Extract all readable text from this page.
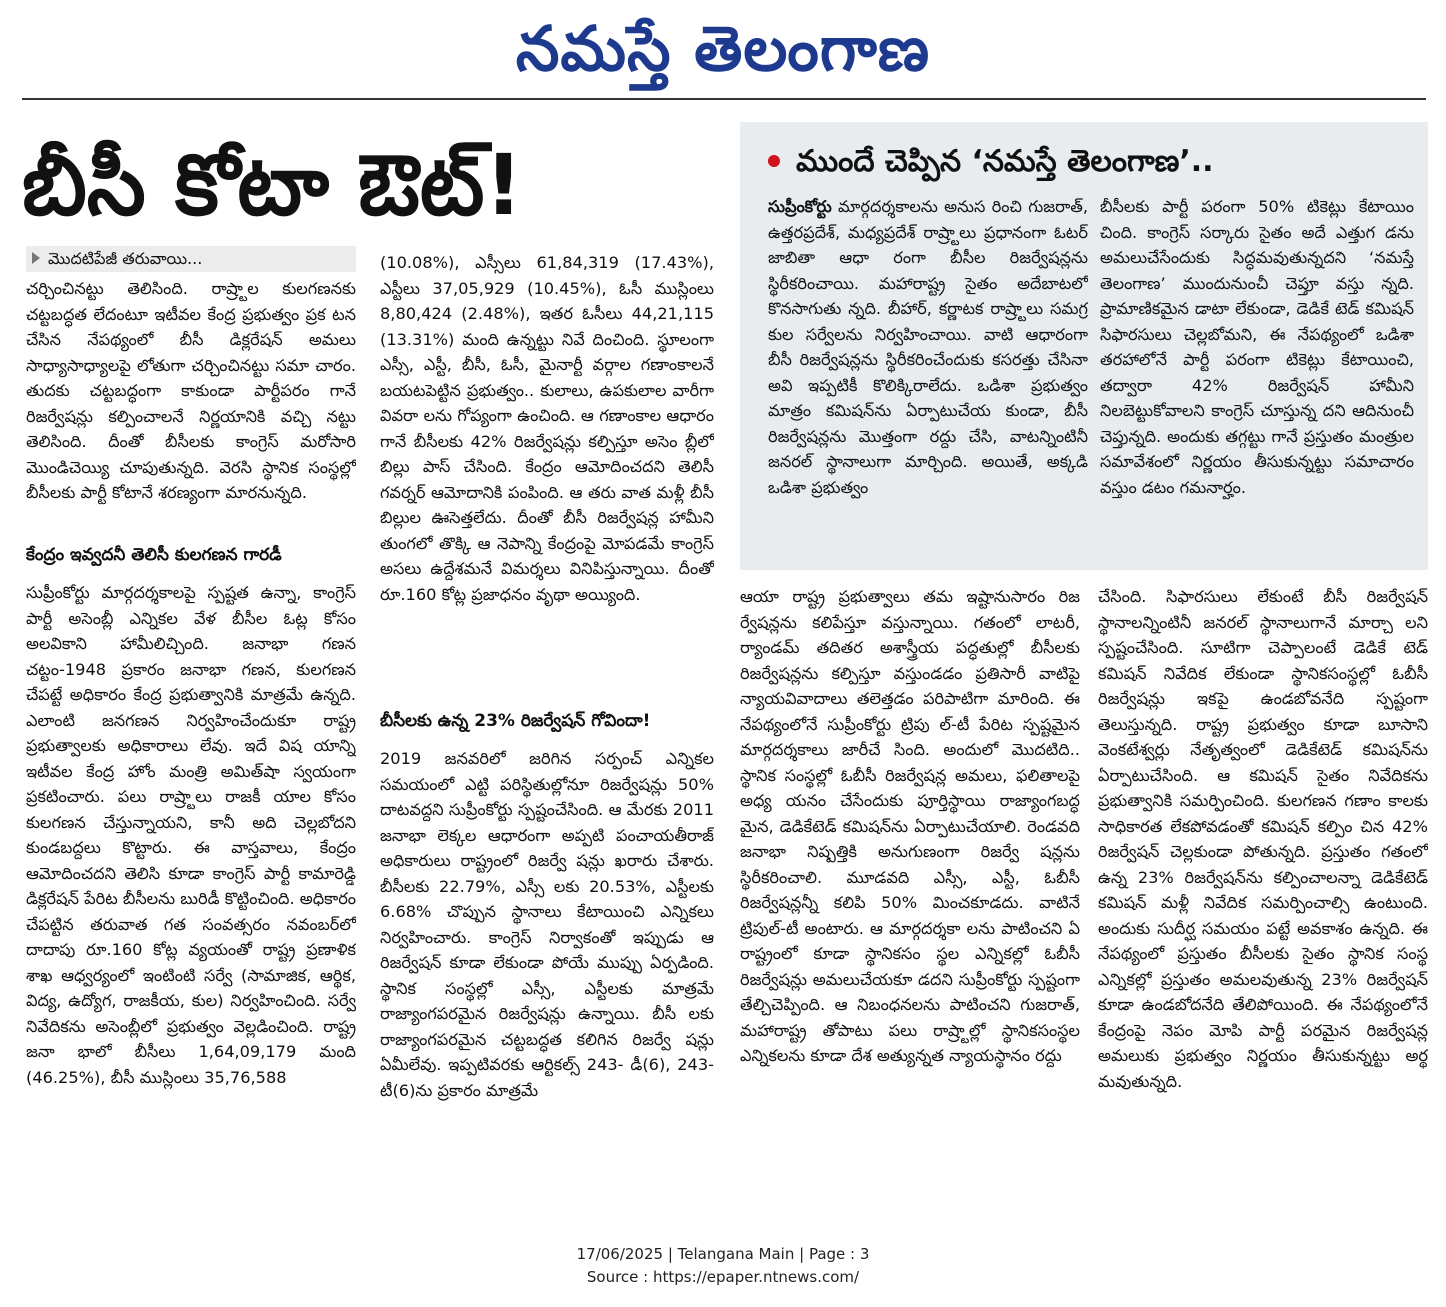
నమస్తే తెలంగాణ
బీసీ కోటా ఔట్!
మొదటిపేజీ తరువాయి...
చర్చించినట్టు తెలిసింది. రాష్ర్టాల కులగణనకు చట్టబద్ధత లేదంటూ ఇటీవల కేంద్ర ప్రభుత్వం ప్రక టన చేసిన నేపథ్యంలో బీసీ డిక్లరేషన్ అమలు సాధ్యాసాధ్యాలపై లోతుగా చర్చించినట్టు సమా చారం. తుదకు చట్టబద్ధంగా కాకుండా పార్టీపరం గానే రిజర్వేషన్లు కల్పించాలనే నిర్ణయానికి వచ్చి నట్టు తెలిసింది. దీంతో బీసీలకు కాంగ్రెస్ మరోసారి మొండిచెయ్యి చూపుతున్నది. వెరసి స్థానిక సంస్థల్లో బీసీలకు పార్టీ కోటానే శరణ్యంగా మారనున్నది.
కేంద్రం ఇవ్వదనీ తెలిసీ కులగణన గారడీ
సుప్రీంకోర్టు మార్గదర్శకాలపై స్పష్టత ఉన్నా, కాంగ్రెస్ పార్టీ అసెంబ్లీ ఎన్నికల వేళ బీసీల ఓట్ల కోసం అలవికాని హామీలిచ్చింది. జనాభా గణన చట్టం-1948 ప్రకారం జనాభా గణన, కులగణన చేపట్టే అధికారం కేంద్ర ప్రభుత్వానికి మాత్రమే ఉన్నది. ఎలాంటి జనగణన నిర్వహించేందుకూ రాష్ట్ర ప్రభుత్వాలకు అధికారాలు లేవు. ఇదే విష యాన్ని ఇటీవల కేంద్ర హోం మంత్రి అమిత్‌షా స్వయంగా ప్రకటించారు. పలు రాష్ర్టాలు రాజకీ యాల కోసం కులగణన చేస్తున్నాయని, కానీ అది చెల్లబోదని కుండబద్దలు కొట్టారు. ఈ వాస్తవాలు, కేంద్రం ఆమోదించదని తెలిసి కూడా కాంగ్రెస్ పార్టీ కామారెడ్డి డిక్లరేషన్ పేరిట బీసీలను బురిడీ కొట్టించింది. అధికారం చేపట్టిన తరువాత గత సంవత్సరం నవంబర్‌లో దాదాపు రూ.160 కోట్ల వ్యయంతో రాష్ట్ర ప్రణాళిక శాఖ ఆధ్వర్యంలో ఇంటింటి సర్వే (సామాజిక, ఆర్థిక, విద్య, ఉద్యోగ, రాజకీయ, కుల) నిర్వహించింది. సర్వే నివేదికను అసెంబ్లీలో ప్రభుత్వం వెల్లడించింది. రాష్ట్ర జనా భాలో బీసీలు 1,64,09,179 మంది (46.25%), బీసీ ముస్లింలు 35,76,588
(10.08%), ఎస్సీలు 61,84,319 (17.43%), ఎస్టీలు 37,05,929 (10.45%), ఓసీ ముస్లింలు 8,80,424 (2.48%), ఇతర ఓసీలు 44,21,115 (13.31%) మంది ఉన్నట్టు నివే దించింది. స్థూలంగా ఎస్సీ, ఎస్టీ, బీసీ, ఓసీ, మైనార్టీ వర్గాల గణాంకాలనే బయటపెట్టిన ప్రభుత్వం.. కులాలు, ఉపకులాల వారీగా వివరా లను గోప్యంగా ఉంచింది. ఆ గణాంకాల ఆధారం గానే బీసీలకు 42% రిజర్వేషన్లు కల్పిస్తూ అసెం బ్లీలో బిల్లు పాస్ చేసింది. కేంద్రం ఆమోదించదని తెలిసీ గవర్నర్ ఆమోదానికి పంపింది. ఆ తరు వాత మళ్లీ బీసీ బిల్లుల ఊసెత్తలేదు. దీంతో బీసీ రిజర్వేషన్ల హామీని తుంగలో తొక్కి ఆ నెపాన్ని కేంద్రంపై మోపడమే కాంగ్రెస్ అసలు ఉద్దేశమనే విమర్శలు వినిపిస్తున్నాయి. దీంతో రూ.160 కోట్ల ప్రజాధనం వృథా అయ్యింది.
బీసీలకు ఉన్న 23% రిజర్వేషన్ గోవిందా!
2019 జనవరిలో జరిగిన సర్పంచ్ ఎన్నికల సమయంలో ఎట్టి పరిస్థితుల్లోనూ రిజర్వేషన్లు 50% దాటవద్దని సుప్రీంకోర్టు స్పష్టంచేసింది. ఆ మేరకు 2011 జనాభా లెక్కల ఆధారంగా అప్పటి పంచాయతీరాజ్ అధికారులు రాష్ట్రంలో రిజర్వే షన్లు ఖరారు చేశారు. బీసీలకు 22.79%, ఎస్సీ లకు 20.53%, ఎస్టీలకు 6.68% చొప్పున స్థానాలు కేటాయించి ఎన్నికలు నిర్వహించారు. కాంగ్రెస్ నిర్వాకంతో ఇప్పుడు ఆ రిజర్వేషన్ కూడా లేకుండా పోయే ముప్పు ఏర్పడింది. స్థానిక సంస్థల్లో ఎస్సీ, ఎస్టీలకు మాత్రమే రాజ్యాంగపరమైన రిజర్వేషన్లు ఉన్నాయి. బీసీ లకు రాజ్యాంగపరమైన చట్టబద్ధత కలిగిన రిజర్వే షన్లు ఏమీలేవు. ఇప్పటివరకు ఆర్టికల్స్ 243- డీ(6), 243-టీ(6)ను ప్రకారం మాత్రమే
ముందే చెప్పిన ‘నమస్తే తెలంగాణ’..
సుప్రీంకోర్టు మార్గదర్శకాలను అనుస రించి గుజరాత్, ఉత్తరప్రదేశ్, మధ్యప్రదేశ్ రాష్ర్టాలు ప్రధానంగా ఓటర్ జాబితా ఆధా రంగా బీసీల రిజర్వేషన్లను స్థిరీకరించాయి. మహారాష్ట్ర సైతం అదేబాటలో కొనసాగుతు న్నది. బీహార్, కర్ణాటక రాష్ర్టాలు సమగ్ర కుల సర్వేలను నిర్వహించాయి. వాటి ఆధారంగా బీసీ రిజర్వేషన్లను స్థిరీకరించేందుకు కసరత్తు చేసినా అవి ఇప్పటికీ కొలిక్కిరాలేదు. ఒడిశా ప్రభుత్వం మాత్రం కమిషన్‌ను ఏర్పాటుచేయ కుండా, బీసీ రిజర్వేషన్లను మొత్తంగా రద్దు చేసి, వాటన్నింటినీ జనరల్ స్థానాలుగా మార్చింది. అయితే, అక్కడి ఒడిశా ప్రభుత్వం
బీసీలకు పార్టీ పరంగా 50% టికెట్లు కేటాయిం చింది. కాంగ్రెస్ సర్కారు సైతం అదే ఎత్తుగ డను అమలుచేసేందుకు సిద్ధమవుతున్నదని ‘నమస్తే తెలంగాణ’ ముందునుంచీ చెప్తూ వస్తు న్నది. ప్రామాణికమైన డాటా లేకుండా, డెడికే టెడ్ కమిషన్ సిఫారసులు చెల్లబోమని, ఈ నేపథ్యంలో ఒడిశా తరహాలోనే పార్టీ పరంగా టికెట్లు కేటాయించి, తద్వారా 42% రిజర్వేషన్ హామీని నిలబెట్టుకోవాలని కాంగ్రెస్ చూస్తున్న దని ఆదినుంచీ చెప్తున్నది. అందుకు తగ్గట్టు గానే ప్రస్తుతం మంత్రుల సమావేశంలో నిర్ణయం తీసుకున్నట్టు సమాచారం వస్తుం డటం గమనార్హం.
ఆయా రాష్ట్ర ప్రభుత్వాలు తమ ఇష్టానుసారం రిజ ర్వేషన్లను కలిపేస్తూ వస్తున్నాయి. గతంలో లాటరీ, ర్యాండమ్ తదితర అశాస్త్రీయ పద్ధతుల్లో బీసీలకు రిజర్వేషన్లను కల్పిస్తూ వస్తుండడం ప్రతిసారీ వాటిపై న్యాయవివాదాలు తలెత్తడం పరిపాటిగా మారింది. ఈ నేపథ్యంలోనే సుప్రీంకోర్టు ట్రిపు ల్-టీ పేరిట స్పష్టమైన మార్గదర్శకాలు జారీచే సింది. అందులో మొదటిది.. స్థానిక సంస్థల్లో ఓబీసీ రిజర్వేషన్ల అమలు, ఫలితాలపై అధ్య యనం చేసేందుకు పూర్తిస్థాయి రాజ్యాంగబద్ధ మైన, డెడికేటెడ్ కమిషన్‌ను ఏర్పాటుచేయాలి. రెండవది జనాభా నిష్పత్తికి అనుగుణంగా రిజర్వే షన్లను స్థిరీకరించాలి. మూడవది ఎస్సీ, ఎస్టీ, ఓబీసీ రిజర్వేషన్లన్నీ కలిపి 50% మించకూడదు. వాటినే ట్రిపుల్-టీ అంటారు. ఆ మార్గదర్శకా లను పాటించని ఏ రాష్ట్రంలో కూడా స్థానికసం స్థల ఎన్నికల్లో ఓబీసీ రిజర్వేషన్లు అమలుచేయకూ డదని సుప్రీంకోర్టు స్పష్టంగా తేల్చిచెప్పింది. ఆ నిబంధనలను పాటించని గుజరాత్, మహారాష్ట్ర తోపాటు పలు రాష్ర్టాల్లో స్థానికసంస్థల ఎన్నికలను కూడా దేశ అత్యున్నత న్యాయస్థానం రద్దు
చేసింది. సిఫారసులు లేకుంటే బీసీ రిజర్వేషన్ స్థానాలన్నింటినీ జనరల్ స్థానాలుగానే మార్చా లని స్పష్టంచేసింది. సూటిగా చెప్పాలంటే డెడికే టెడ్ కమిషన్ నివేదిక లేకుండా స్థానికసంస్థల్లో ఓబీసీ రిజర్వేషన్లు ఇకపై ఉండబోవనేది స్పష్టంగా తెలుస్తున్నది. రాష్ట్ర ప్రభుత్వం కూడా బూసాని వెంకటేశ్వర్లు నేతృత్వంలో డెడికేటెడ్ కమిషన్‌ను ఏర్పాటుచేసింది. ఆ కమిషన్ సైతం నివేదికను ప్రభుత్వానికి సమర్పించింది. కులగణన గణాం కాలకు సాధికారత లేకపోవడంతో కమిషన్ కల్పిం చిన 42% రిజర్వేషన్ చెల్లకుండా పోతున్నది. ప్రస్తుతం గతంలో ఉన్న 23% రిజర్వేషన్‌ను కల్పించాలన్నా డెడికేటెడ్ కమిషన్ మళ్లీ నివేదిక సమర్పించాల్సి ఉంటుంది. అందుకు సుదీర్ఘ సమయం పట్టే అవకాశం ఉన్నది. ఈ నేపథ్యంలో ప్రస్తుతం బీసీలకు సైతం స్థానిక సంస్థ ఎన్నికల్లో ప్రస్తుతం అమలవుతున్న 23% రిజర్వేషన్ కూడా ఉండబోదనేది తేలిపోయింది. ఈ నేపథ్యంలోనే కేంద్రంపై నెపం మోపి పార్టీ పరమైన రిజర్వేషన్ల అమలుకు ప్రభుత్వం నిర్ణయం తీసుకున్నట్టు అర్థ మవుతున్నది.
17/06/2025 | Telangana Main | Page : 3
Source : https://epaper.ntnews.com/
